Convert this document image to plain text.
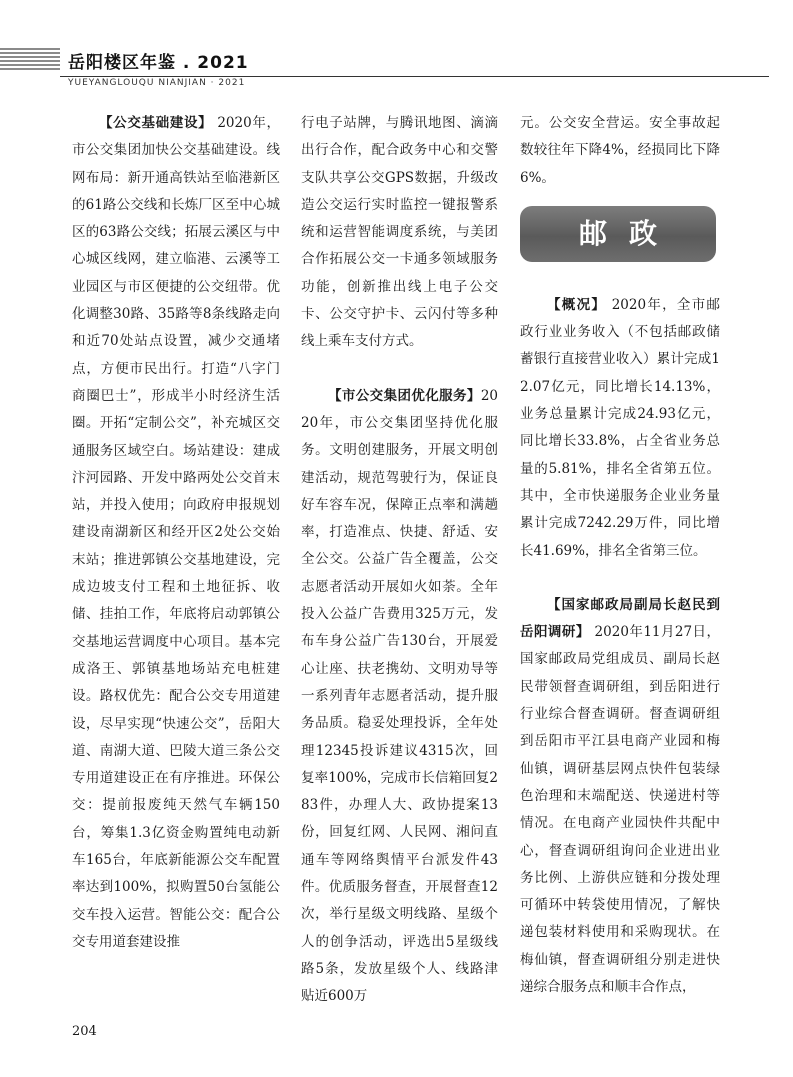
岳阳楼区年鉴 . 2021
YUEYANGLOUQU NIANJIAN · 2021

【公交基础建设】 2020年，市公交集团加快公交基础建设。线网布局：新开通高铁站至临港新区的61路公交线和长炼厂区至中心城区的63路公交线；拓展云溪区与中心城区线网，建立临港、云溪等工业园区与市区便捷的公交纽带。优化调整30路、35路等8条线路走向和近70处站点设置，减少交通堵点，方便市民出行。打造“八字门商圈巴士”，形成半小时经济生活圈。开拓“定制公交”，补充城区交通服务区域空白。场站建设：建成汴河园路、开发中路两处公交首末站，并投入使用；向政府申报规划建设南湖新区和经开区2处公交始末站；推进郭镇公交基地建设，完成边坡支付工程和土地征拆、收储、挂拍工作，年底将启动郭镇公交基地运营调度中心项目。基本完成洛王、郭镇基地场站充电桩建设。路权优先：配合公交专用道建设，尽早实现“快速公交”，岳阳大道、南湖大道、巴陵大道三条公交专用道建设正在有序推进。环保公交：提前报废纯天然气车辆150台，筹集1.3亿资金购置纯电动新车165台，年底新能源公交车配置率达到100%，拟购置50台氢能公交车投入运营。智能公交：配合公交专用道套建设推

行电子站牌，与腾讯地图、滴滴出行合作，配合政务中心和交警支队共享公交GPS数据，升级改造公交运行实时监控一键报警系统和运营智能调度系统，与美团合作拓展公交一卡通多领域服务功能，创新推出线上电子公交卡、公交守护卡、云闪付等多种线上乘车支付方式。

【市公交集团优化服务】2020年，市公交集团坚持优化服务。文明创建服务，开展文明创建活动，规范驾驶行为，保证良好车容车况，保障正点率和满趟率，打造准点、快捷、舒适、安全公交。公益广告全覆盖，公交志愿者活动开展如火如荼。全年投入公益广告费用325万元，发布车身公益广告130台，开展爱心让座、扶老携幼、文明劝导等一系列青年志愿者活动，提升服务品质。稳妥处理投诉，全年处理12345投诉建议4315次，回复率100%，完成市长信箱回复283件，办理人大、政协提案13份，回复红网、人民网、湘问直通车等网络舆情平台派发件43件。优质服务督查，开展督查12次，举行星级文明线路、星级个人的创争活动，评选出5星级线路5条，发放星级个人、线路津贴近600万

元。公交安全营运。安全事故起数较往年下降4%，经损同比下降6%。

邮政

【概况】 2020年，全市邮政行业业务收入（不包括邮政储蓄银行直接营业收入）累计完成12.07亿元，同比增长14.13%，业务总量累计完成24.93亿元，同比增长33.8%，占全省业务总量的5.81%，排名全省第五位。其中，全市快递服务企业业务量累计完成7242.29万件，同比增长41.69%，排名全省第三位。

【国家邮政局副局长赵民到岳阳调研】 2020年11月27日，国家邮政局党组成员、副局长赵民带领督查调研组，到岳阳进行行业综合督查调研。督查调研组到岳阳市平江县电商产业园和梅仙镇，调研基层网点快件包装绿色治理和末端配送、快递进村等情况。在电商产业园快件共配中心，督查调研组询问企业进出业务比例、上游供应链和分拨处理可循环中转袋使用情况，了解快递包装材料使用和采购现状。在梅仙镇，督查调研组分别走进快递综合服务点和顺丰合作点，

204
